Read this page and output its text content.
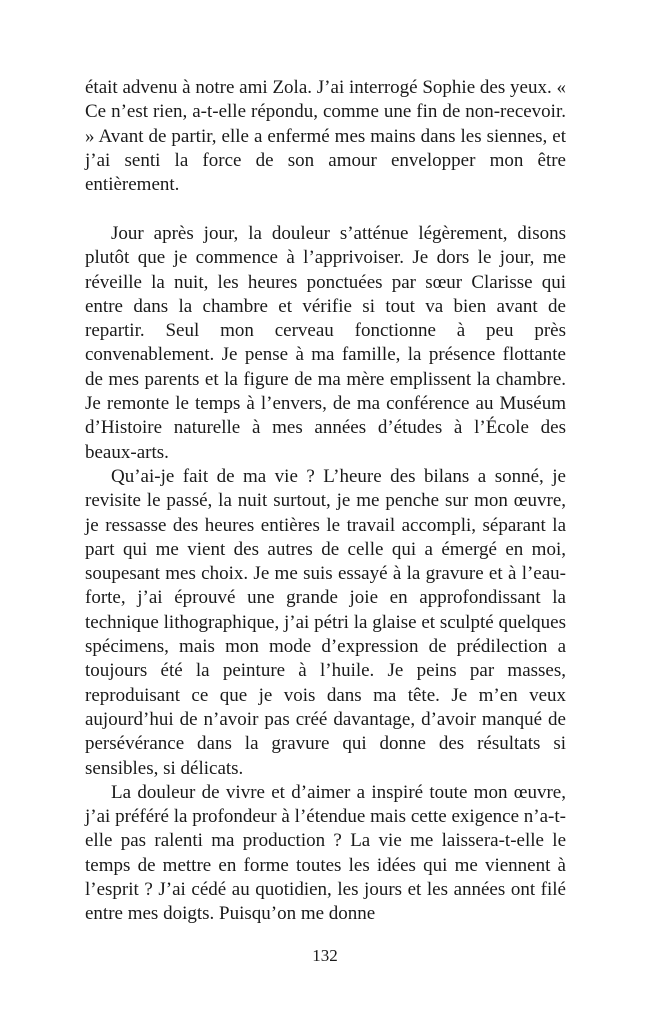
était advenu à notre ami Zola. J’ai interrogé Sophie des yeux. « Ce n’est rien, a-t-elle répondu, comme une fin de non-recevoir. » Avant de partir, elle a enfermé mes mains dans les siennes, et j’ai senti la force de son amour envelopper mon être entièrement.

Jour après jour, la douleur s’atténue légèrement, disons plutôt que je commence à l’apprivoiser. Je dors le jour, me réveille la nuit, les heures ponctuées par sœur Clarisse qui entre dans la chambre et vérifie si tout va bien avant de repartir. Seul mon cerveau fonctionne à peu près convenablement. Je pense à ma famille, la présence flottante de mes parents et la figure de ma mère emplissent la chambre. Je remonte le temps à l’envers, de ma conférence au Muséum d’Histoire naturelle à mes années d’études à l’École des beaux-arts.

Qu’ai-je fait de ma vie ? L’heure des bilans a sonné, je revisite le passé, la nuit surtout, je me penche sur mon œuvre, je ressasse des heures entières le travail accompli, séparant la part qui me vient des autres de celle qui a émergé en moi, soupesant mes choix. Je me suis essayé à la gravure et à l’eau-forte, j’ai éprouvé une grande joie en approfondissant la technique lithographique, j’ai pétri la glaise et sculpté quelques spécimens, mais mon mode d’expression de prédilection a toujours été la peinture à l’huile. Je peins par masses, reproduisant ce que je vois dans ma tête. Je m’en veux aujourd’hui de n’avoir pas créé davantage, d’avoir manqué de persévérance dans la gravure qui donne des résultats si sensibles, si délicats.

La douleur de vivre et d’aimer a inspiré toute mon œuvre, j’ai préféré la profondeur à l’étendue mais cette exigence n’a-t-elle pas ralenti ma production ? La vie me laissera-t-elle le temps de mettre en forme toutes les idées qui me viennent à l’esprit ? J’ai cédé au quotidien, les jours et les années ont filé entre mes doigts. Puisqu’on me donne

132
